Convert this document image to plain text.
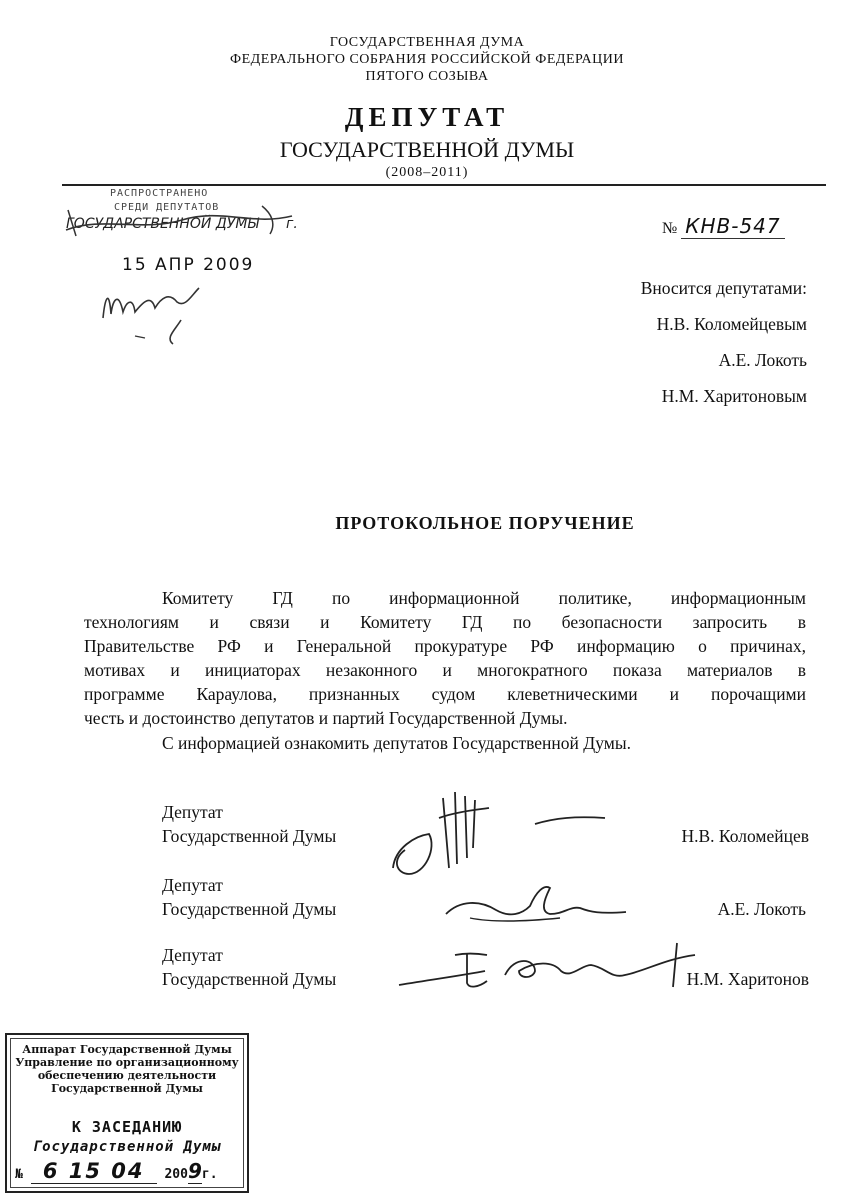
ГОСУДАРСТВЕННАЯ ДУМА
ФЕДЕРАЛЬНОГО СОБРАНИЯ РОССИЙСКОЙ ФЕДЕРАЦИИ
ПЯТОГО СОЗЫВА
ДЕПУТАТ
ГОСУДАРСТВЕННОЙ ДУМЫ
(2008–2011)
РАСПРОСТРАНЕНО
СРЕДИ ДЕПУТАТОВ
ГОСУДАРСТВЕННОЙ ДУМЫ г.
15 АПР 2009
№ КНВ-547
Вносится депутатами:
Н.В. Коломейцевым
А.Е. Локоть
Н.М. Харитоновым
ПРОТОКОЛЬНОЕ ПОРУЧЕНИЕ
Комитету ГД по информационной политике, информационным
технологиям и связи и Комитету ГД по безопасности запросить в
Правительстве РФ и Генеральной прокуратуре РФ информацию о причинах,
мотивах и инициаторах незаконного и многократного показа материалов в
программе Караулова, признанных судом клеветническими и порочащими
честь и достоинство депутатов и партий Государственной Думы.
С информацией ознакомить депутатов Государственной Думы.
Депутат
Государственной Думы	Н.В. Коломейцев
Депутат
Государственной Думы	А.Е. Локоть
Депутат
Государственной Думы	Н.М. Харитонов
Аппарат Государственной Думы
Управление по организационному
обеспечению деятельности
Государственной Думы
К ЗАСЕДАНИЮ
Государственной Думы
№ 6 15 04 2009г.
